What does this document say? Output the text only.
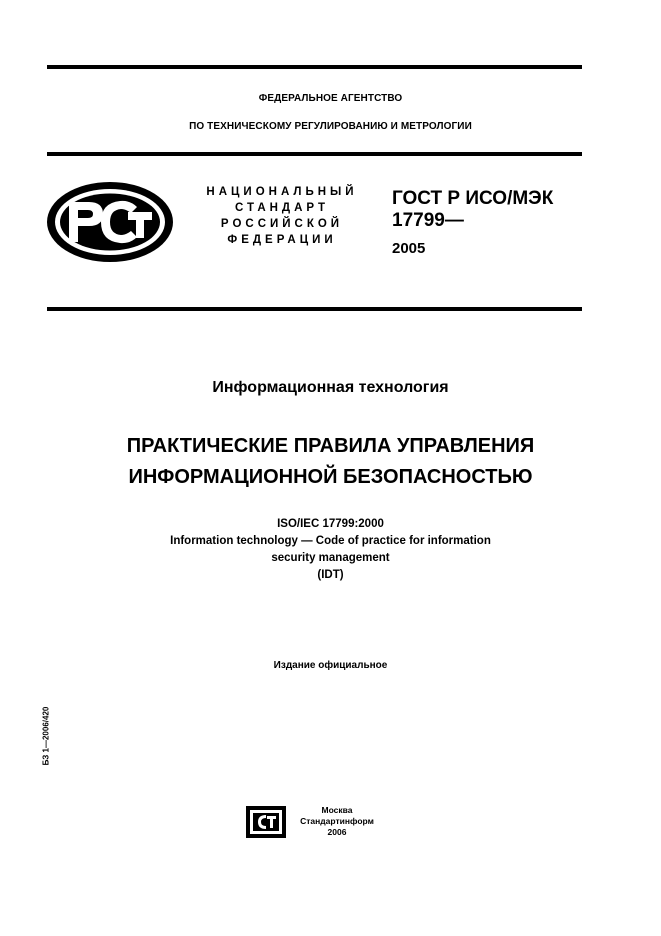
ФЕДЕРАЛЬНОЕ АГЕНТСТВО
ПО ТЕХНИЧЕСКОМУ РЕГУЛИРОВАНИЮ И МЕТРОЛОГИИ
НАЦИОНАЛЬНЫЙ
СТАНДАРТ
РОССИЙСКОЙ
ФЕДЕРАЦИИ
ГОСТ Р ИСО/МЭК
17799—
2005
Информационная технология
ПРАКТИЧЕСКИЕ ПРАВИЛА УПРАВЛЕНИЯ
ИНФОРМАЦИОННОЙ БЕЗОПАСНОСТЬЮ
ISO/IEC 17799:2000
Information technology — Code of practice for information
security management
(IDT)
Издание официальное
БЗ 1—2006/420
Москва
Стандартинформ
2006
